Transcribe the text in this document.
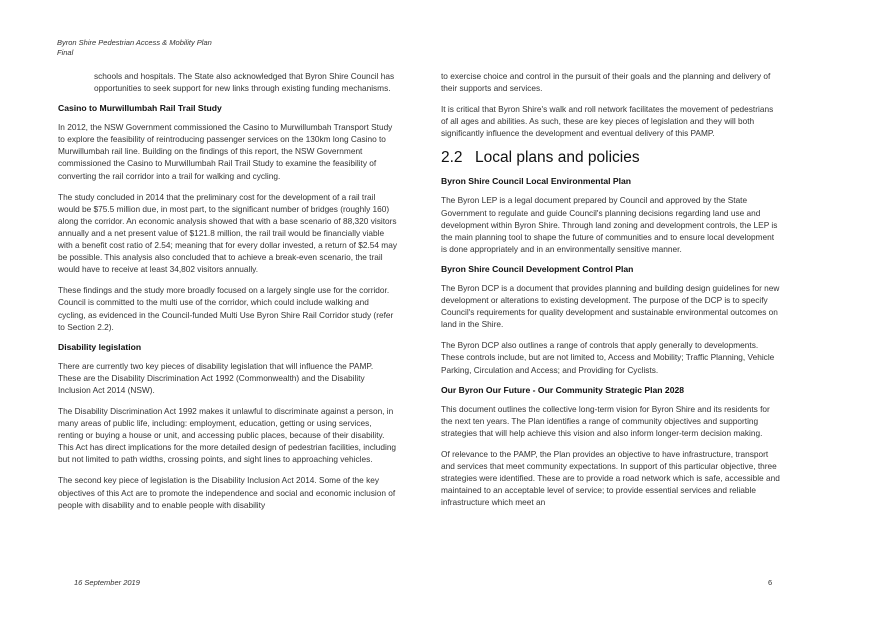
Byron Shire Pedestrian Access & Mobility Plan
Final

schools and hospitals. The State also acknowledged that Byron Shire Council has opportunities to seek support for new links through existing funding mechanisms.

Casino to Murwillumbah Rail Trail Study

In 2012, the NSW Government commissioned the Casino to Murwillumbah Transport Study to explore the feasibility of reintroducing passenger services on the 130km long Casino to Murwillumbah rail line. Building on the findings of this report, the NSW Government commissioned the Casino to Murwillumbah Rail Trail Study to examine the feasibility of converting the rail corridor into a trail for walking and cycling.

The study concluded in 2014 that the preliminary cost for the development of a rail trail would be $75.5 million due, in most part, to the significant number of bridges (roughly 160) along the corridor. An economic analysis showed that with a base scenario of 88,320 visitors annually and a net present value of $121.8 million, the rail trail would be financially viable with a benefit cost ratio of 2.54; meaning that for every dollar invested, a return of $2.54 may be possible. This analysis also concluded that to achieve a break-even scenario, the trail would have to receive at least 34,802 visitors annually.

These findings and the study more broadly focused on a largely single use for the corridor. Council is committed to the multi use of the corridor, which could include walking and cycling, as evidenced in the Council-funded Multi Use Byron Shire Rail Corridor study (refer to Section 2.2).

Disability legislation

There are currently two key pieces of disability legislation that will influence the PAMP. These are the Disability Discrimination Act 1992 (Commonwealth) and the Disability Inclusion Act 2014 (NSW).

The Disability Discrimination Act 1992 makes it unlawful to discriminate against a person, in many areas of public life, including: employment, education, getting or using services, renting or buying a house or unit, and accessing public places, because of their disability. This Act has direct implications for the more detailed design of pedestrian facilities, including but not limited to path widths, crossing points, and sight lines to approaching vehicles.

The second key piece of legislation is the Disability Inclusion Act 2014. Some of the key objectives of this Act are to promote the independence and social and economic inclusion of people with disability and to enable people with disability

to exercise choice and control in the pursuit of their goals and the planning and delivery of their supports and services.

It is critical that Byron Shire's walk and roll network facilitates the movement of pedestrians of all ages and abilities. As such, these are key pieces of legislation and they will both significantly influence the development and eventual delivery of this PAMP.

2.2 Local plans and policies
Byron Shire Council Local Environmental Plan

The Byron LEP is a legal document prepared by Council and approved by the State Government to regulate and guide Council's planning decisions regarding land use and development within Byron Shire. Through land zoning and development controls, the LEP is the main planning tool to shape the future of communities and to ensure local development is done appropriately and in an environmentally sensitive manner.

Byron Shire Council Development Control Plan

The Byron DCP is a document that provides planning and building design guidelines for new development or alterations to existing development. The purpose of the DCP is to specify Council's requirements for quality development and sustainable environmental outcomes on land in the Shire.

The Byron DCP also outlines a range of controls that apply generally to developments. These controls include, but are not limited to, Access and Mobility; Traffic Planning, Vehicle Parking, Circulation and Access; and Providing for Cyclists.

Our Byron Our Future - Our Community Strategic Plan 2028

This document outlines the collective long-term vision for Byron Shire and its residents for the next ten years. The Plan identifies a range of community objectives and supporting strategies that will help achieve this vision and also inform longer-term decision making.

Of relevance to the PAMP, the Plan provides an objective to have infrastructure, transport and services that meet community expectations. In support of this particular objective, three strategies were identified. These are to provide a road network which is safe, accessible and maintained to an acceptable level of service; to provide essential services and reliable infrastructure which meet an

16 September 2019	6
